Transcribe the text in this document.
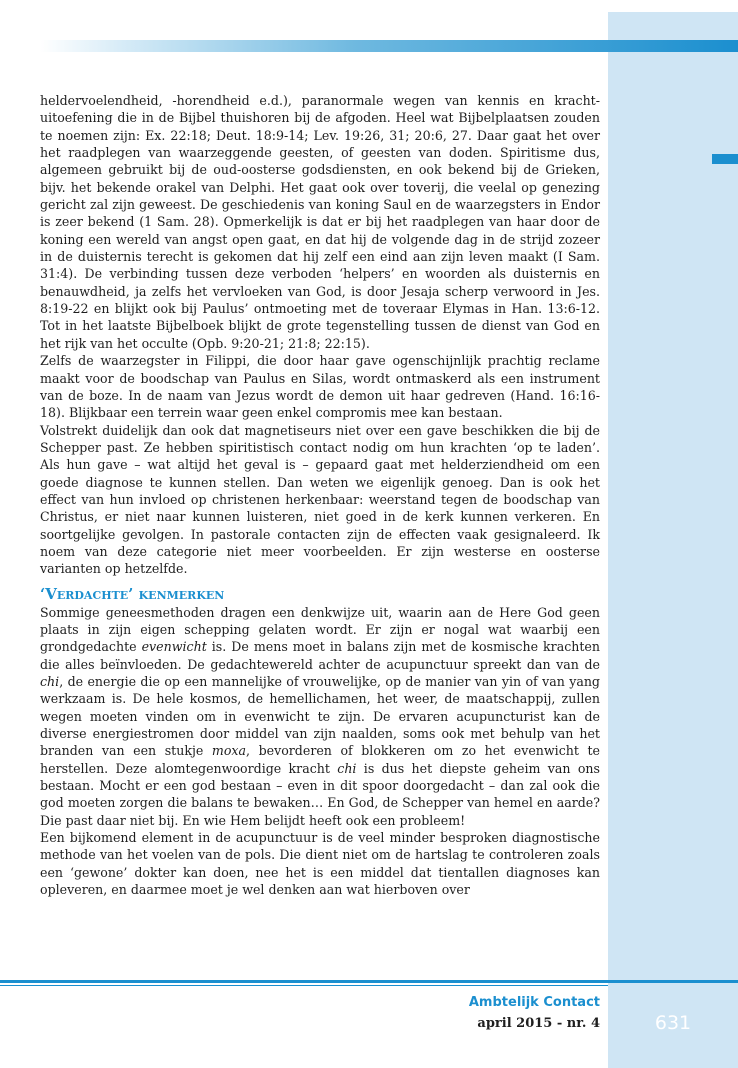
heldervoelendheid, -horendheid e.d.), paranormale wegen van kennis en kracht-uitoefening die in de Bijbel thuishoren bij de afgoden. Heel wat Bijbelplaatsen zouden te noemen zijn: Ex. 22:18; Deut. 18:9-14; Lev. 19:26, 31; 20:6, 27. Daar gaat het over het raadplegen van waarzeggende geesten, of geesten van doden. Spiritisme dus, algemeen gebruikt bij de oud-oosterse godsdiensten, en ook bekend bij de Grieken, bijv. het bekende orakel van Delphi. Het gaat ook over toverij, die veelal op genezing gericht zal zijn geweest. De geschiedenis van koning Saul en de waarzegsters in Endor is zeer bekend (1 Sam. 28). Opmerkelijk is dat er bij het raadplegen van haar door de koning een wereld van angst open gaat, en dat hij de volgende dag in de strijd zozeer in de duisternis terecht is gekomen dat hij zelf een eind aan zijn leven maakt (I Sam. 31:4). De verbinding tussen deze verboden ‘helpers’ en woorden als duisternis en benauwdheid, ja zelfs het vervloeken van God, is door Jesaja scherp verwoord in Jes. 8:19-22 en blijkt ook bij Paulus’ ontmoeting met de toveraar Elymas in Han. 13:6-12. Tot in het laatste Bijbelboek blijkt de grote tegenstelling tussen de dienst van God en het rijk van het occulte (Opb. 9:20-21; 21:8; 22:15).

Zelfs de waarzegster in Filippi, die door haar gave ogenschijnlijk prachtig reclame maakt voor de boodschap van Paulus en Silas, wordt ontmaskerd als een instrument van de boze. In de naam van Jezus wordt de demon uit haar gedreven (Hand. 16:16-18). Blijkbaar een terrein waar geen enkel compromis mee kan bestaan.

Volstrekt duidelijk dan ook dat magnetiseurs niet over een gave beschikken die bij de Schepper past. Ze hebben spiritistisch contact nodig om hun krachten ‘op te laden’. Als hun gave – wat altijd het geval is – gepaard gaat met helderziendheid om een goede diagnose te kunnen stellen. Dan weten we eigenlijk genoeg. Dan is ook het effect van hun invloed op christenen herkenbaar: weerstand tegen de boodschap van Christus, er niet naar kunnen luisteren, niet goed in de kerk kunnen verkeren. En soortgelijke gevolgen. In pastorale contacten zijn de effecten vaak gesignaleerd. Ik noem van deze categorie niet meer voorbeelden. Er zijn westerse en oosterse varianten op hetzelfde.

‘Verdachte’ kenmerken

Sommige geneesmethoden dragen een denkwijze uit, waarin aan de Here God geen plaats in zijn eigen schepping gelaten wordt. Er zijn er nogal wat waarbij een grondgedachte evenwicht is. De mens moet in balans zijn met de kosmische krachten die alles beïnvloeden. De gedachtewereld achter de acupunctuur spreekt dan van de chi, de energie die op een mannelijke of vrouwelijke, op de manier van yin of van yang werkzaam is. De hele kosmos, de hemellichamen, het weer, de maatschappij, zullen wegen moeten vinden om in evenwicht te zijn. De ervaren acupuncturist kan de diverse energiestromen door middel van zijn naalden, soms ook met behulp van het branden van een stukje moxa, bevorderen of blokkeren om zo het evenwicht te herstellen. Deze alomtegenwoordige kracht chi is dus het diepste geheim van ons bestaan. Mocht er een god bestaan – even in dit spoor doorgedacht – dan zal ook die god moeten zorgen die balans te bewaken… En God, de Schepper van hemel en aarde? Die past daar niet bij. En wie Hem belijdt heeft ook een probleem!

Een bijkomend element in de acupunctuur is de veel minder besproken diagnostische methode van het voelen van de pols. Die dient niet om de hartslag te controleren zoals een ‘gewone’ dokter kan doen, nee het is een middel dat tientallen diagnoses kan opleveren, en daarmee moet je wel denken aan wat hierboven over

Ambtelijk Contact
april 2015 - nr. 4	631
